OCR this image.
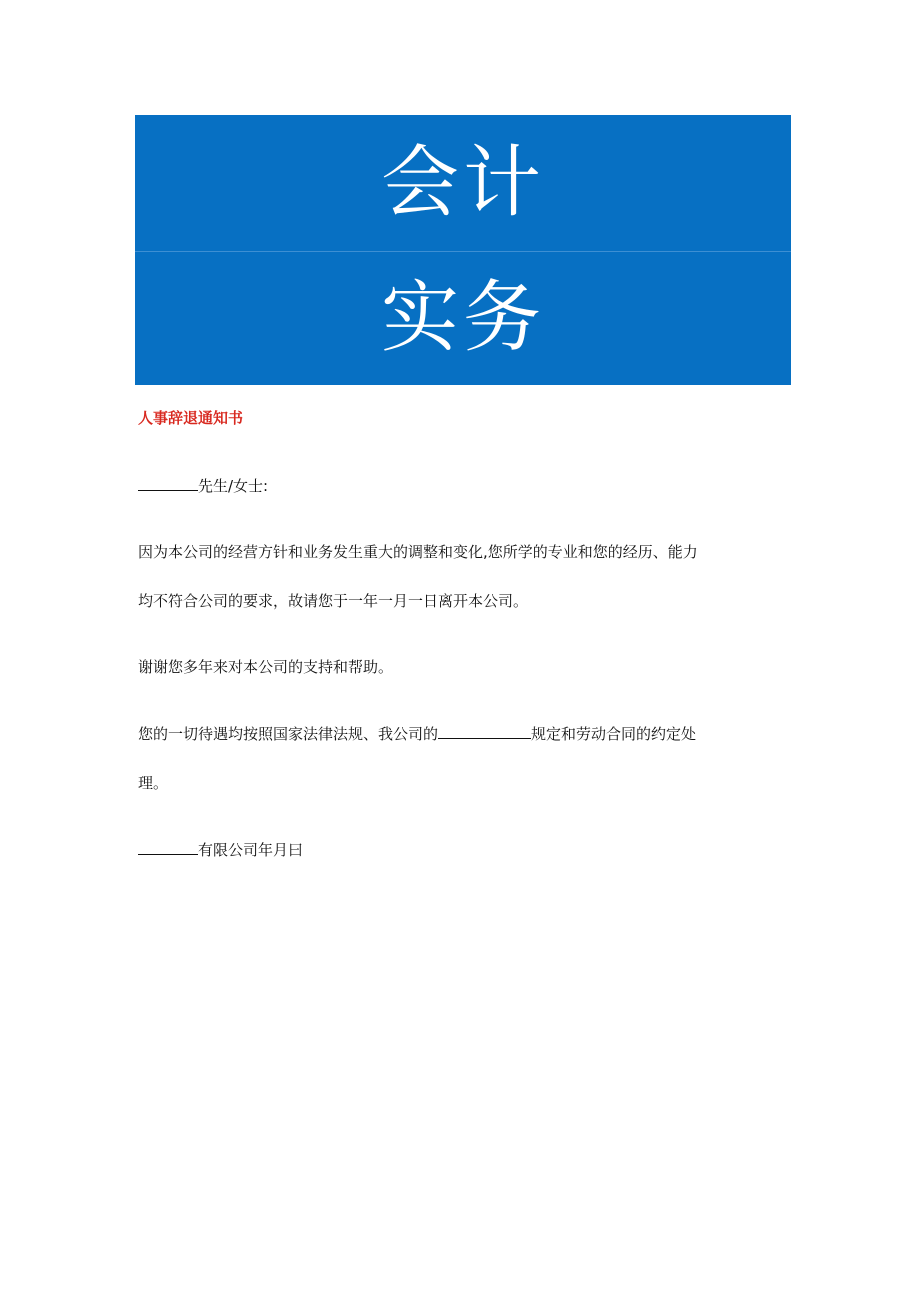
会计
实务
人事辞退通知书
先生/女士:
因为本公司的经营方针和业务发生重大的调整和变化,您所学的专业和您的经历、能力
均不符合公司的要求，故请您于一年一月一日离开本公司。
谢谢您多年来对本公司的支持和帮助。
您的一切待遇均按照国家法律法规、我公司的	规定和劳动合同的约定处
理。
有限公司年月曰
